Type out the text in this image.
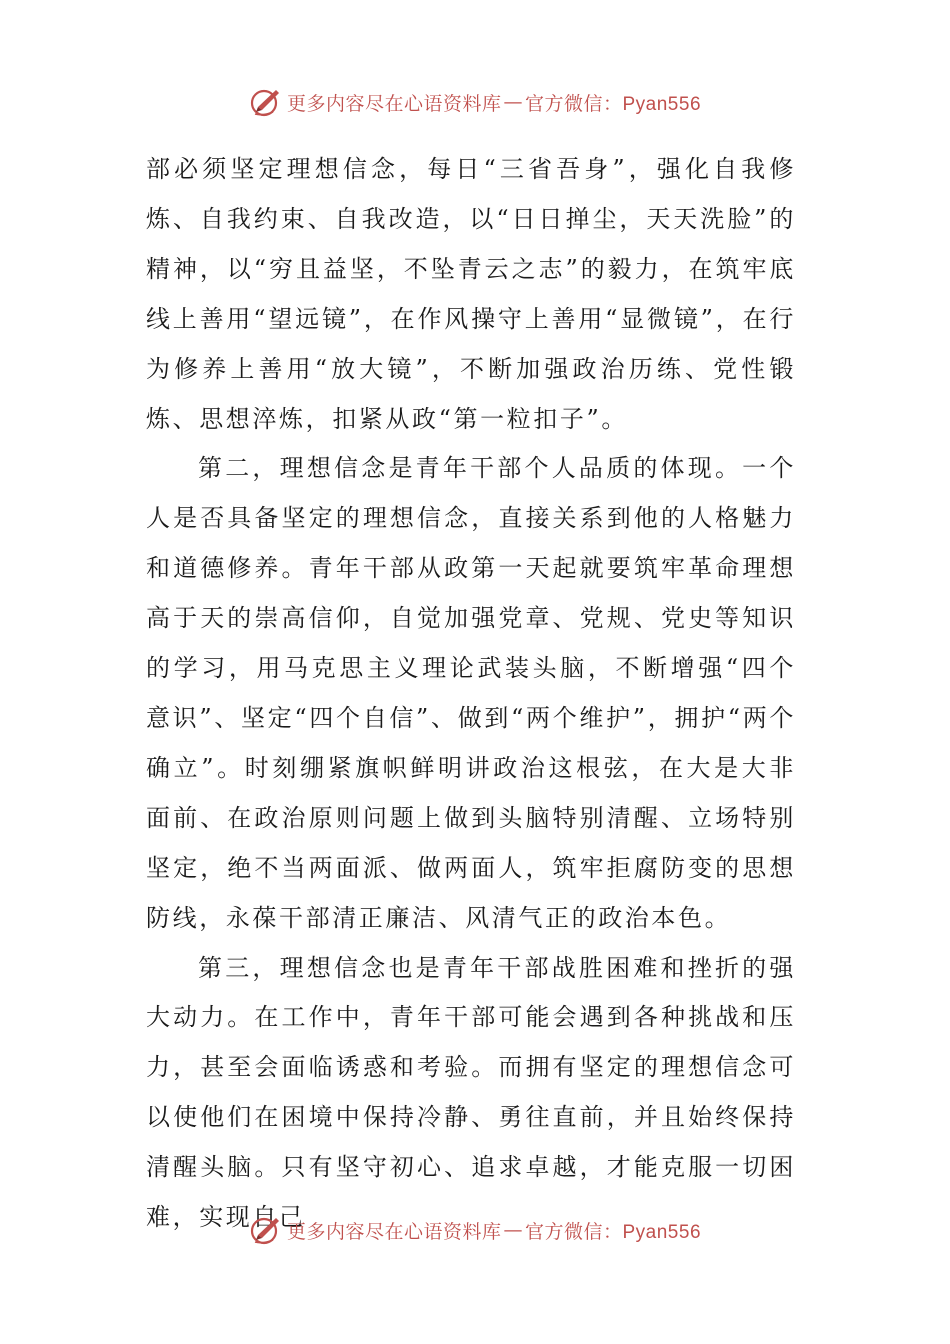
更多内容尽在心语资料库 — 官方微信：Pyan556

部必须坚定理想信念，每日“三省吾身”，强化自我修炼、自我约束、自我改造，以“日日掸尘，天天洗脸”的精神，以“穷且益坚，不坠青云之志”的毅力，在筑牢底线上善用“望远镜”，在作风操守上善用“显微镜”，在行为修养上善用“放大镜”，不断加强政治历练、党性锻炼、思想淬炼，扣紧从政“第一粒扣子”。

第二，理想信念是青年干部个人品质的体现。一个人是否具备坚定的理想信念，直接关系到他的人格魅力和道德修养。青年干部从政第一天起就要筑牢革命理想高于天的崇高信仰，自觉加强党章、党规、党史等知识的学习，用马克思主义理论武装头脑，不断增强“四个意识”、坚定“四个自信”、做到“两个维护”，拥护“两个确立”。时刻绷紧旗帜鲜明讲政治这根弦，在大是大非面前、在政治原则问题上做到头脑特别清醒、立场特别坚定，绝不当两面派、做两面人，筑牢拒腐防变的思想防线，永葆干部清正廉洁、风清气正的政治本色。

第三，理想信念也是青年干部战胜困难和挫折的强大动力。在工作中，青年干部可能会遇到各种挑战和压力，甚至会面临诱惑和考验。而拥有坚定的理想信念可以使他们在困境中保持冷静、勇往直前，并且始终保持清醒头脑。只有坚守初心、追求卓越，才能克服一切困难，实现自己

更多内容尽在心语资料库 — 官方微信：Pyan556
